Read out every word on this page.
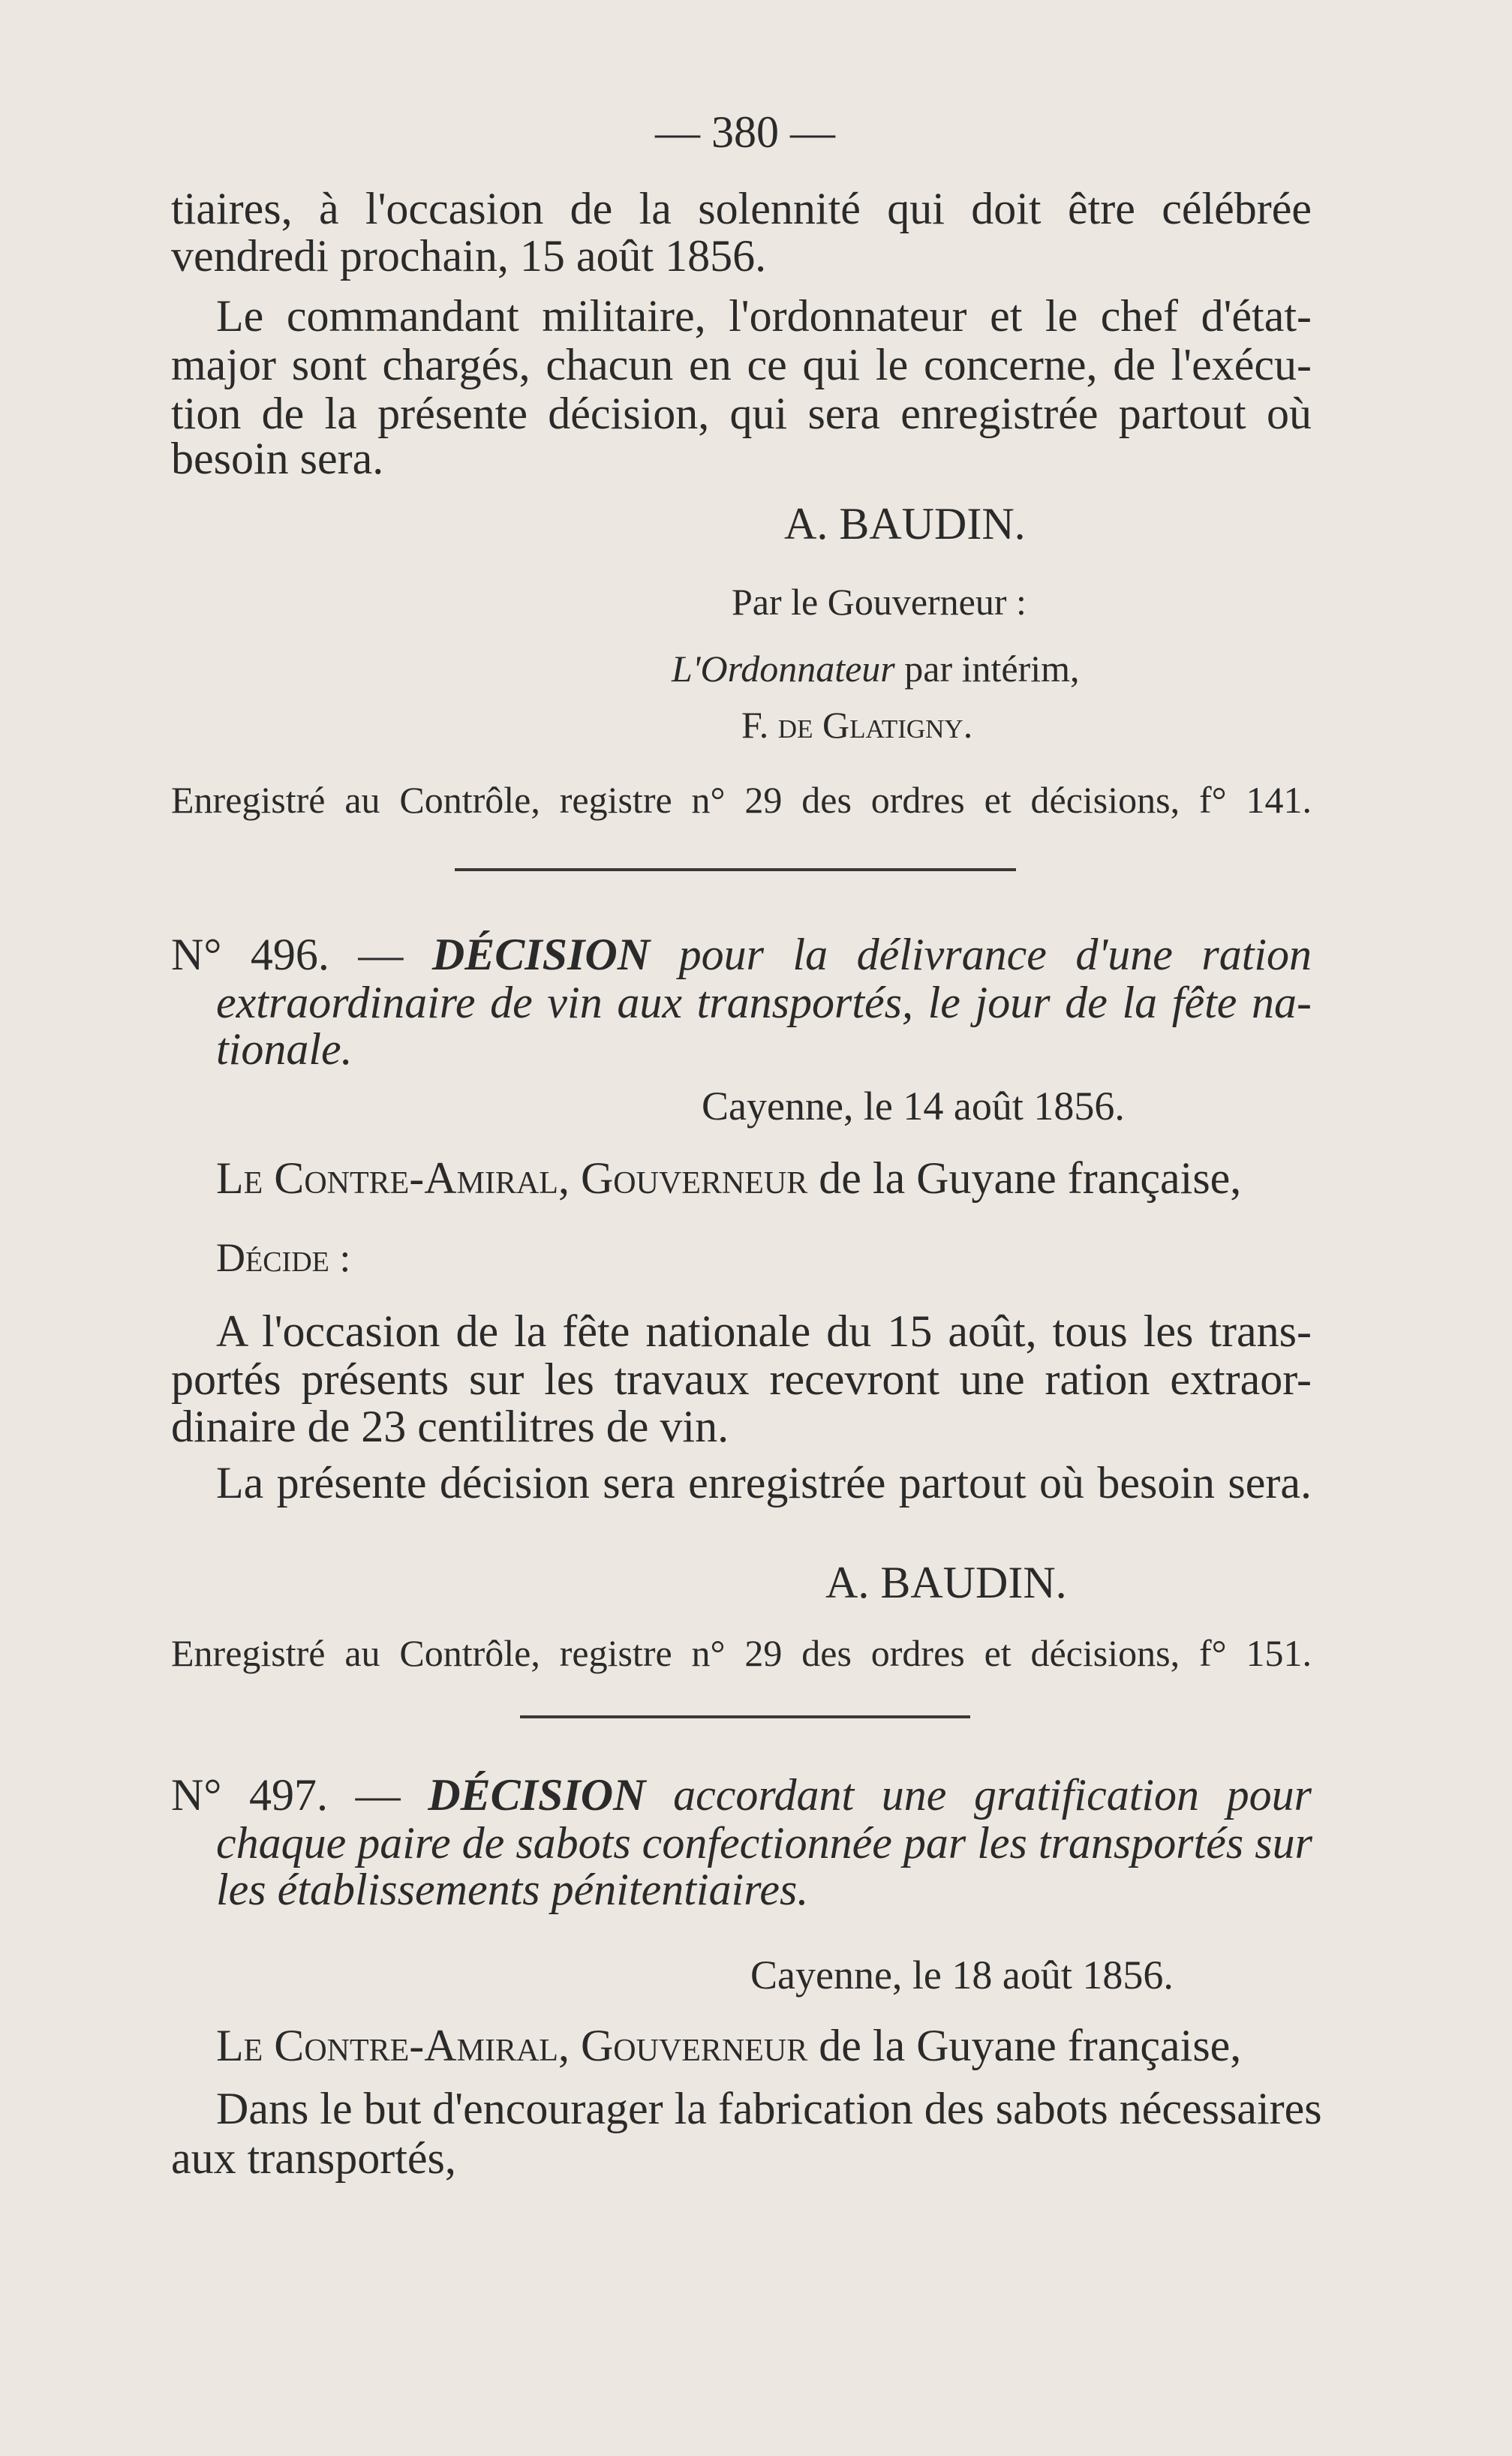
— 380 —
tiaires, à l'occasion de la solennité qui doit être célébrée
vendredi prochain, 15 août 1856.
Le commandant militaire, l'ordonnateur et le chef d'état-
major sont chargés, chacun en ce qui le concerne, de l'exécu-
tion de la présente décision, qui sera enregistrée partout où
besoin sera.
A. BAUDIN.
Par le Gouverneur :
L'Ordonnateur par intérim,
F. de Glatigny.
Enregistré au Contrôle, registre n° 29 des ordres et décisions, f° 141.
N° 496. — DÉCISION pour la délivrance d'une ration
extraordinaire de vin aux transportés, le jour de la fête na-
tionale.
Cayenne, le 14 août 1856.
Le Contre-Amiral, Gouverneur de la Guyane française,
Décide :
A l'occasion de la fête nationale du 15 août, tous les trans-
portés présents sur les travaux recevront une ration extraor-
dinaire de 23 centilitres de vin.
La présente décision sera enregistrée partout où besoin sera.
A. BAUDIN.
Enregistré au Contrôle, registre n° 29 des ordres et décisions, f° 151.
N° 497. — DÉCISION accordant une gratification pour
chaque paire de sabots confectionnée par les transportés sur
les établissements pénitentiaires.
Cayenne, le 18 août 1856.
Le Contre-Amiral, Gouverneur de la Guyane française,
Dans le but d'encourager la fabrication des sabots nécessaires
aux transportés,
